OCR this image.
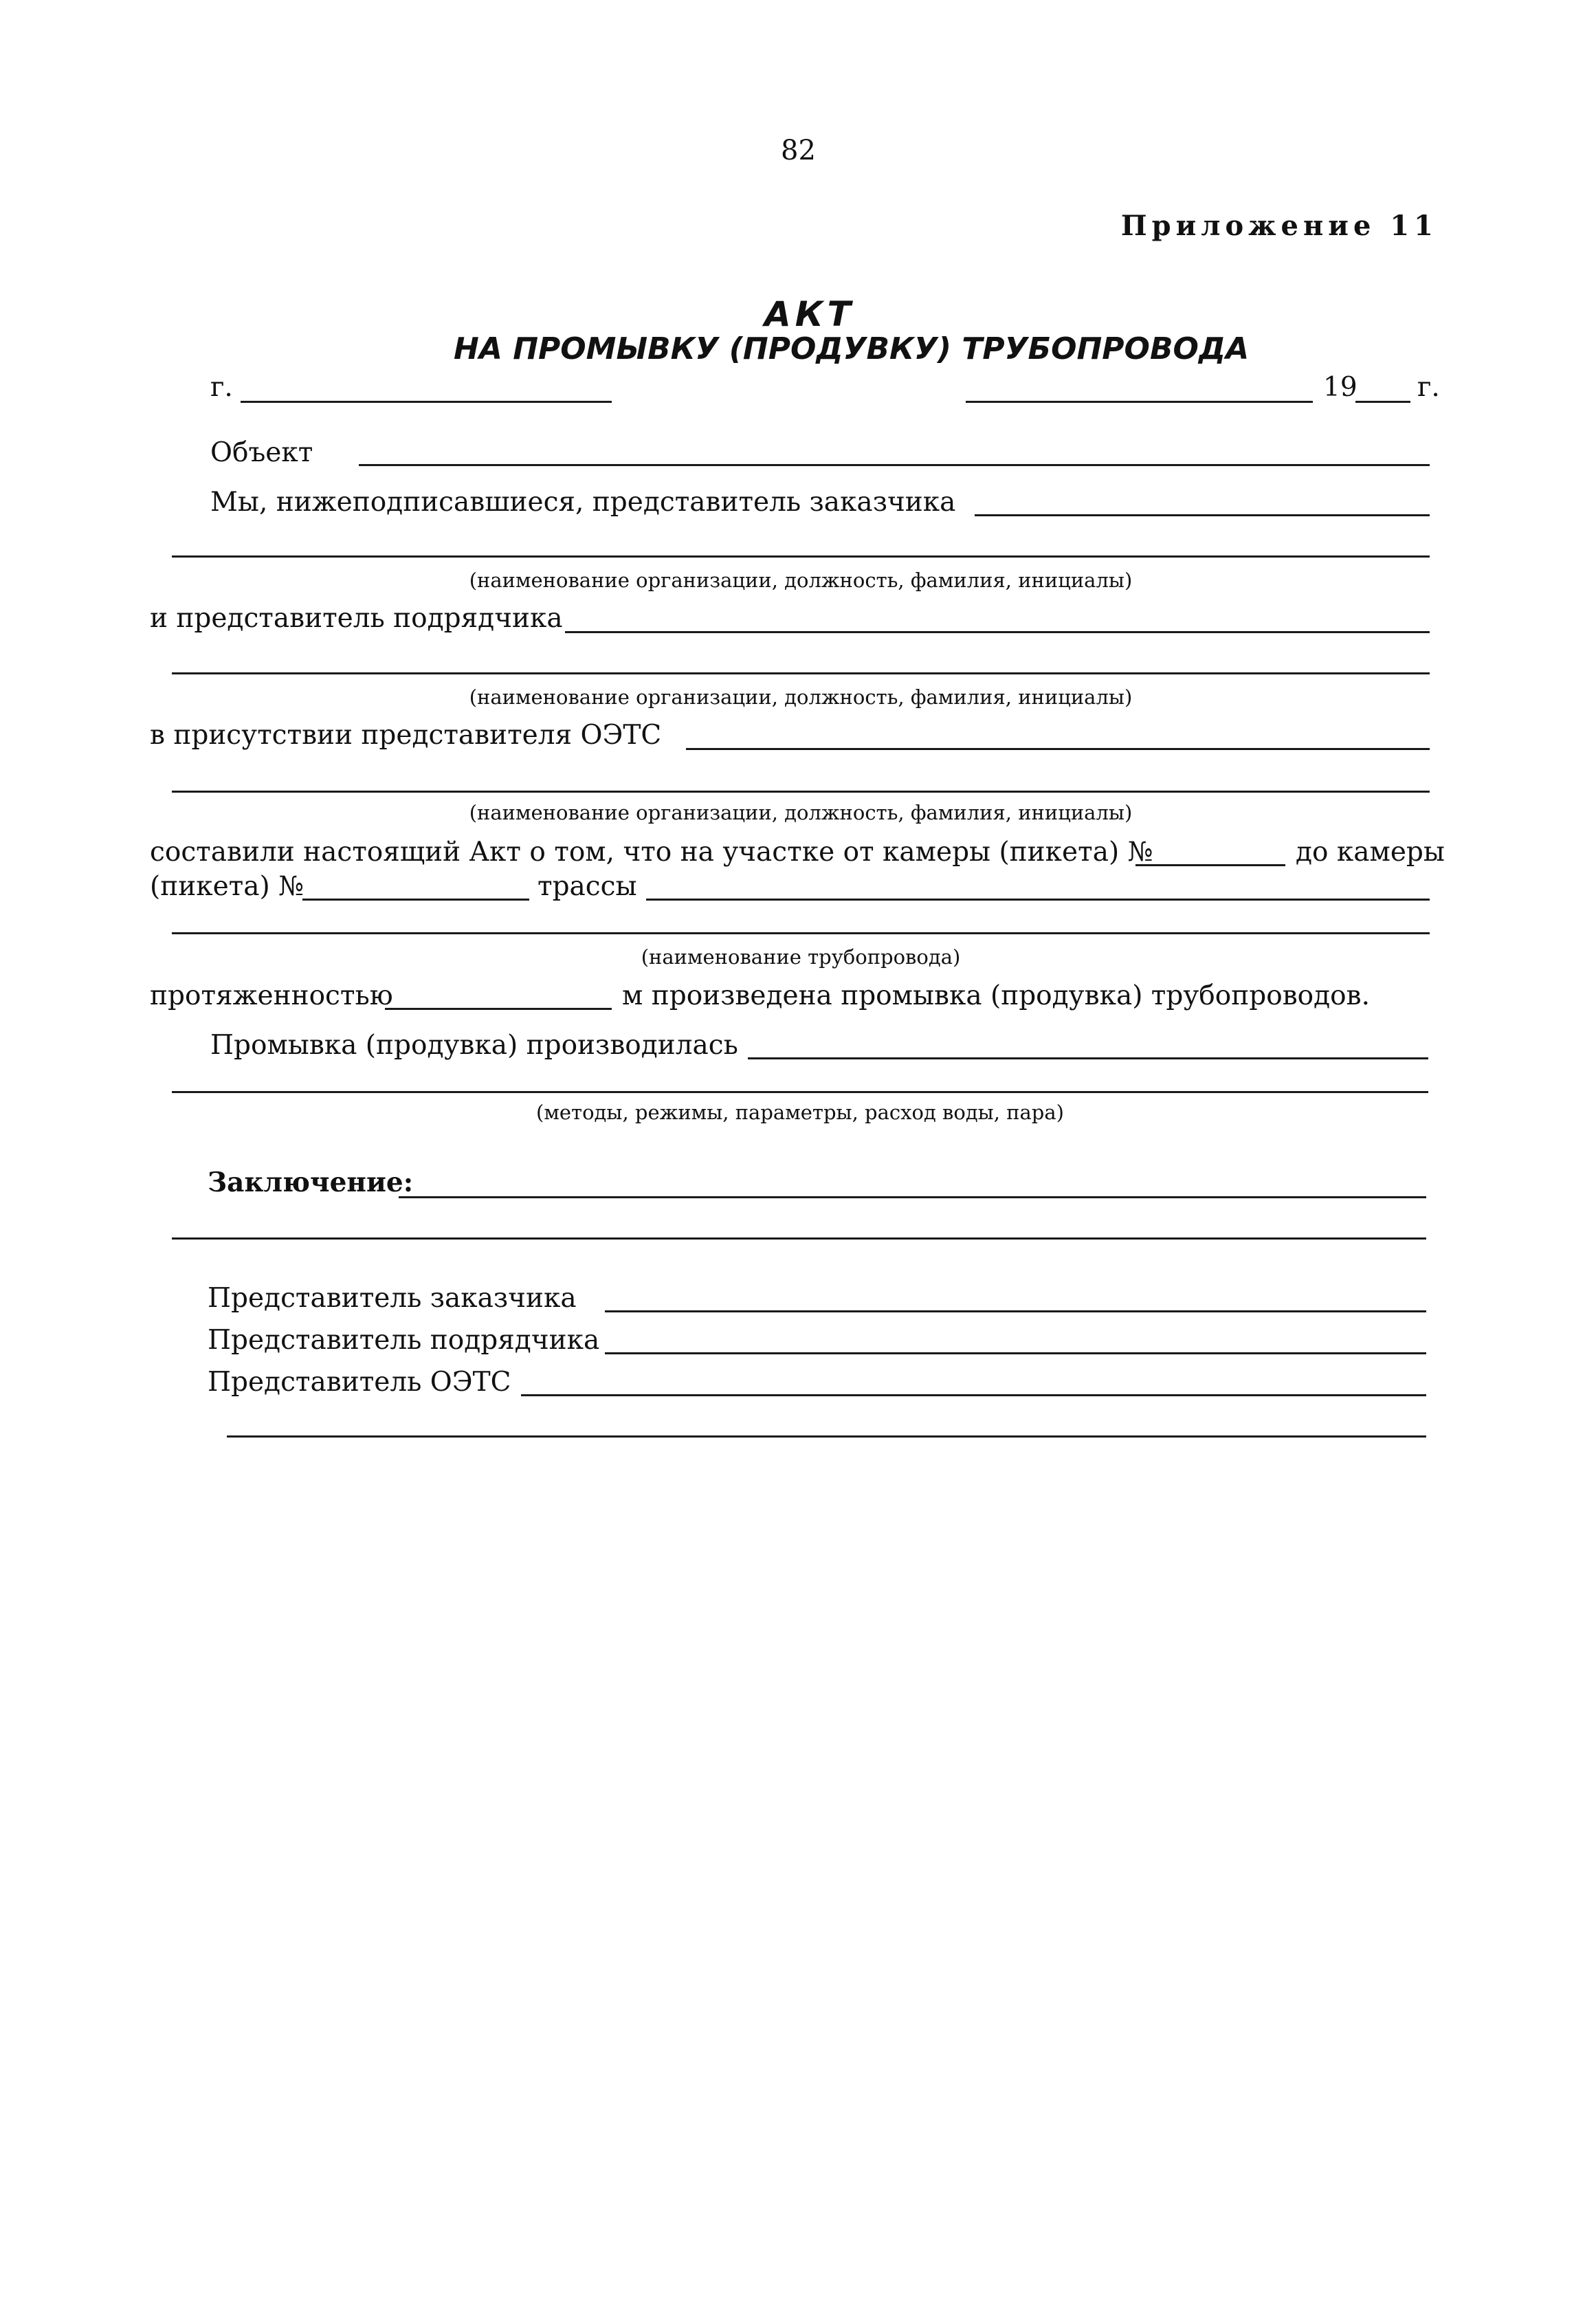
82
Приложение 11
АКТ
НА ПРОМЫВКУ (ПРОДУВКУ) ТРУБОПРОВОДА
г.	19 г.
Объект
Мы, нижеподписавшиеся, представитель заказчика
(наименование организации, должность, фамилия, инициалы)
и представитель подрядчика
(наименование организации, должность, фамилия, инициалы)
в присутствии представителя ОЭТС
(наименование организации, должность, фамилия, инициалы)
составили настоящий Акт о том, что на участке от камеры (пикета) №	до камеры
(пикета) №	трассы
(наименование трубопровода)
протяженностью	м произведена промывка (продувка) трубопроводов.
Промывка (продувка) производилась
(методы, режимы, параметры, расход воды, пара)
Заключение:
Представитель заказчика
Представитель подрядчика
Представитель ОЭТС
